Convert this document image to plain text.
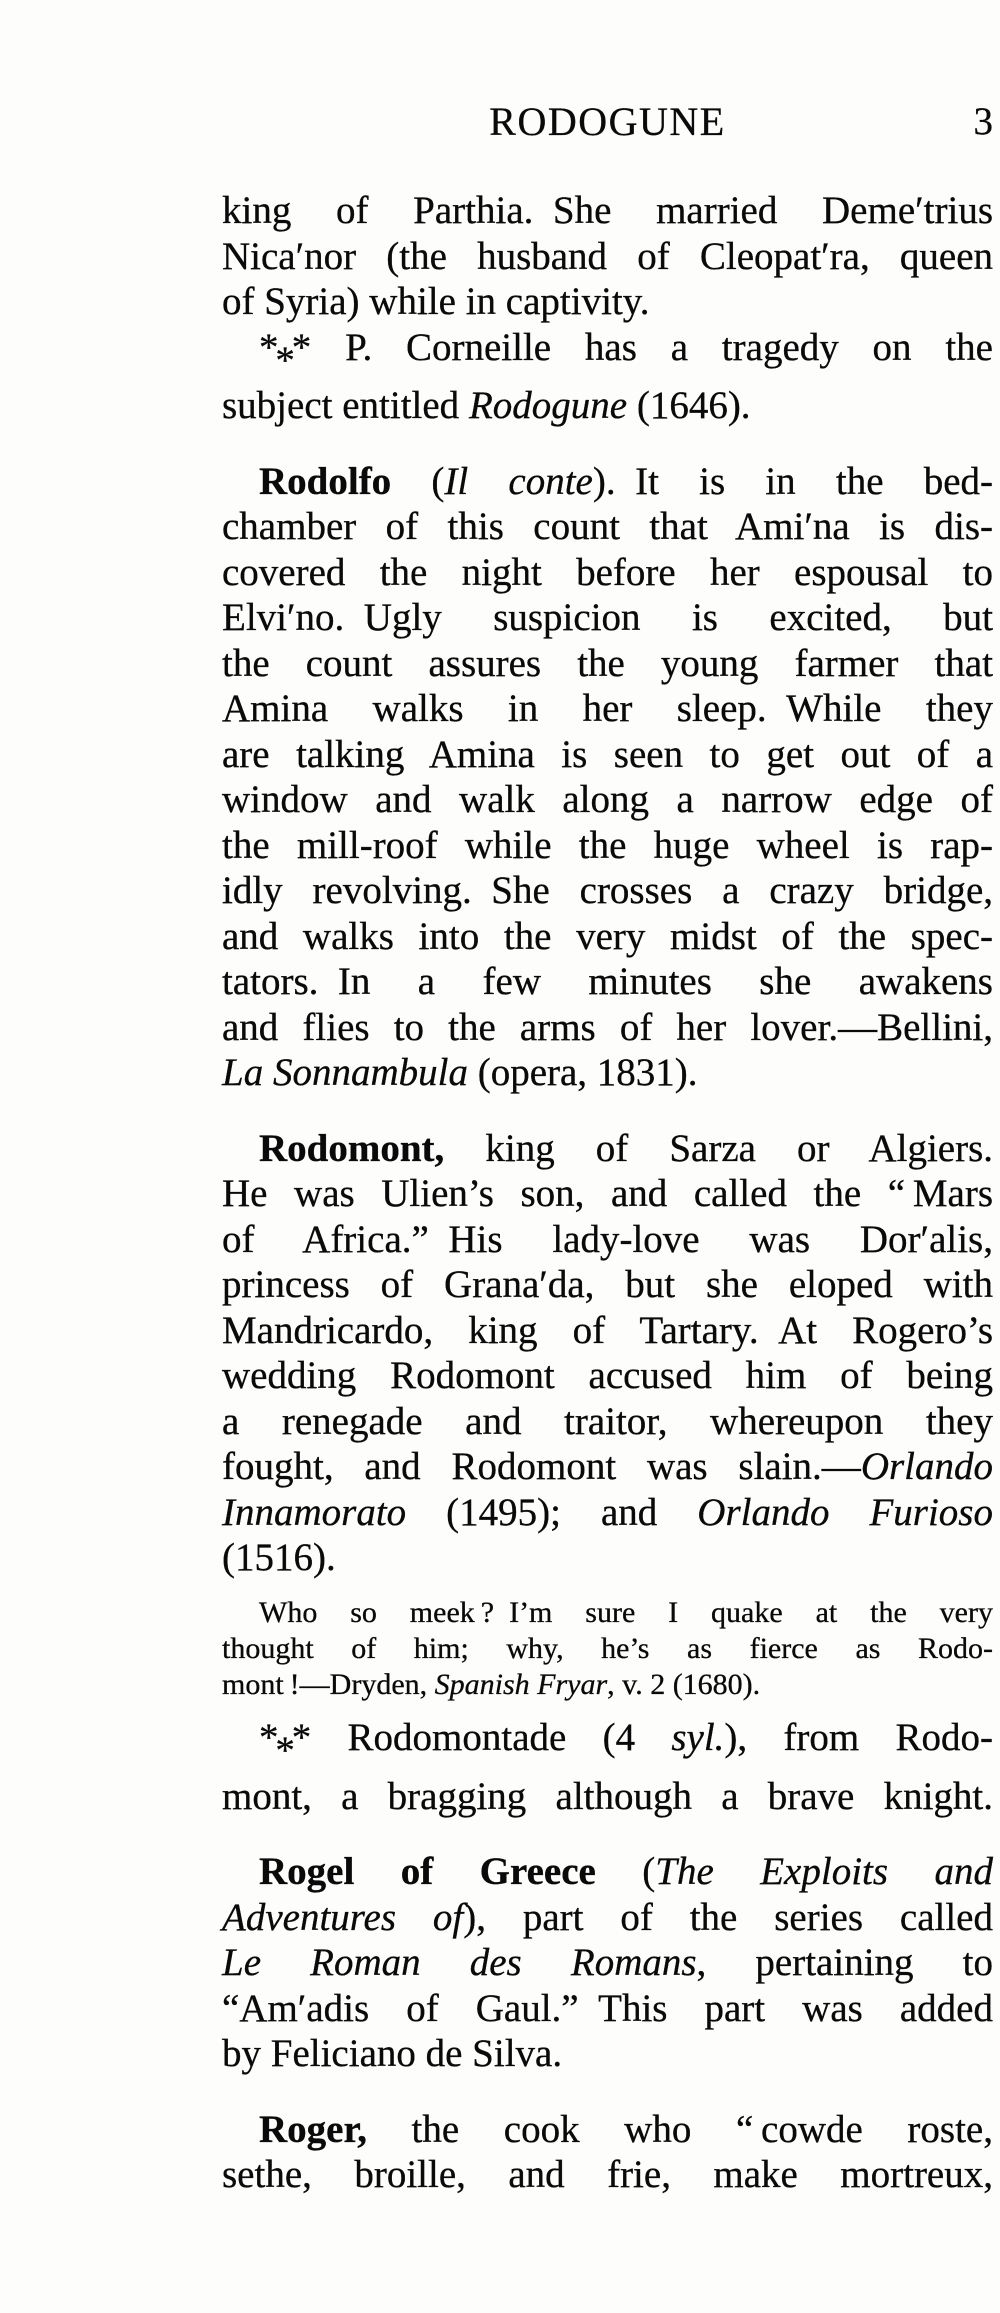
RODOGUNE	3
king of Parthia. She married Deme′trius
Nica′nor (the husband of Cleopat′ra, queen
of Syria) while in captivity.
*** P. Corneille has a tragedy on the
subject entitled Rodogune (1646).
Rodolfo (Il conte). It is in the bed-
chamber of this count that Ami′na is dis-
covered the night before her espousal to
Elvi′no. Ugly suspicion is excited, but
the count assures the young farmer that
Amina walks in her sleep. While they
are talking Amina is seen to get out of a
window and walk along a narrow edge of
the mill-roof while the huge wheel is rap-
idly revolving. She crosses a crazy bridge,
and walks into the very midst of the spec-
tators. In a few minutes she awakens
and flies to the arms of her lover.—Bellini,
La Sonnambula (opera, 1831).
Rodomont, king of Sarza or Algiers.
He was Ulien’s son, and called the “ Mars
of Africa.” His lady-love was Dor′alis,
princess of Grana′da, but she eloped with
Mandricardo, king of Tartary. At Rogero’s
wedding Rodomont accused him of being
a renegade and traitor, whereupon they
fought, and Rodomont was slain.—Orlando
Innamorato (1495); and Orlando Furioso
(1516).
Who so meek ? I’m sure I quake at the very
thought of him; why, he’s as fierce as Rodo-
mont !—Dryden, Spanish Fryar, v. 2 (1680).
*** Rodomontade (4 syl.), from Rodo-
mont, a bragging although a brave knight.
Rogel of Greece (The Exploits and
Adventures of), part of the series called
Le Roman des Romans, pertaining to
“Am′adis of Gaul.” This part was added
by Feliciano de Silva.
Roger, the cook who “ cowde roste,
sethe, broille, and frie, make mortreux,
